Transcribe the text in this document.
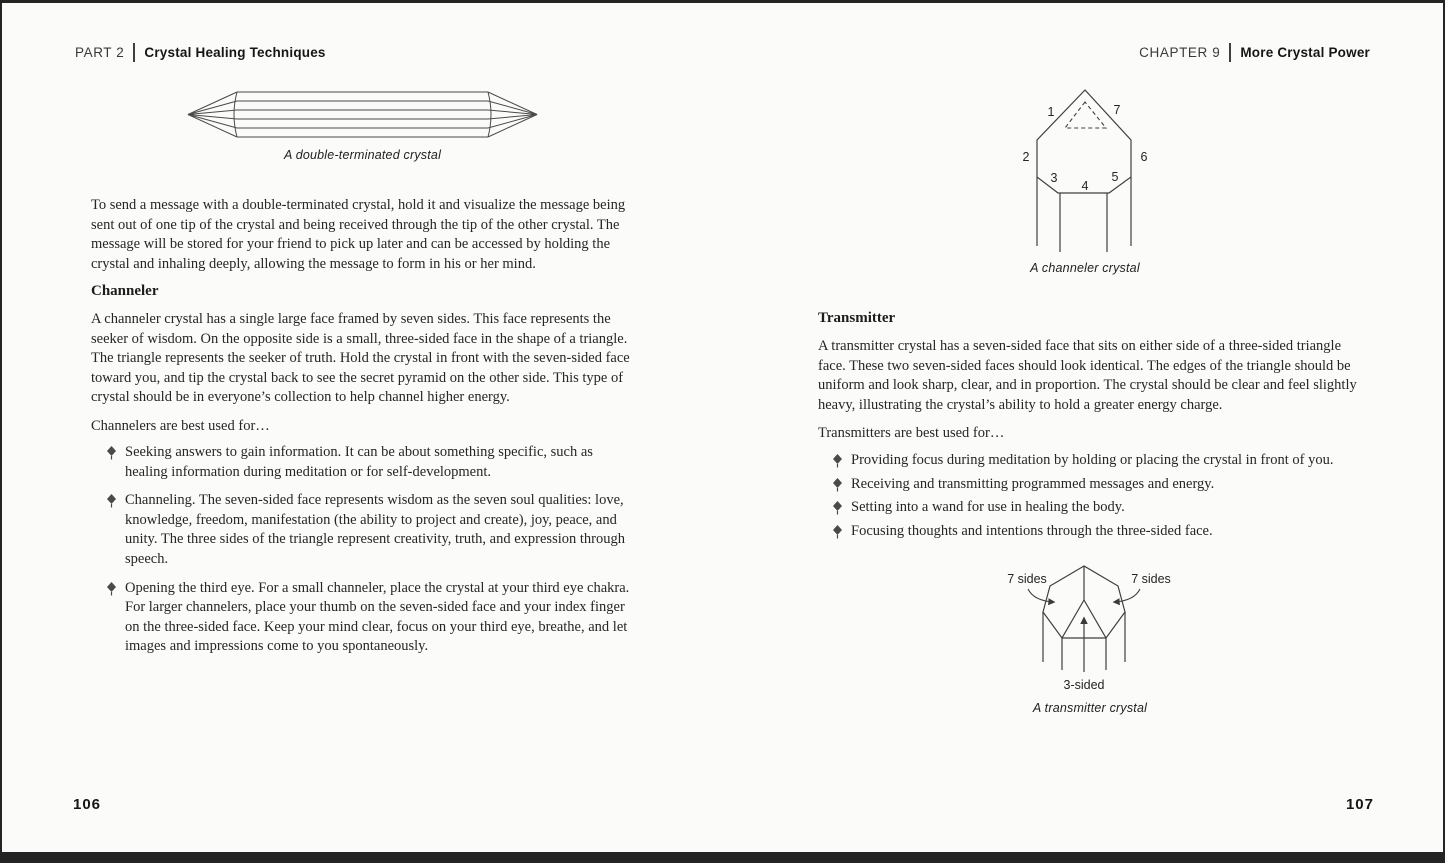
PART 2 Crystal Healing Techniques
A double-terminated crystal
To send a message with a double-terminated crystal, hold it and visualize the message being sent out of one tip of the crystal and being received through the tip of the other crystal. The message will be stored for your friend to pick up later and can be accessed by holding the crystal and inhaling deeply, allowing the message to form in his or her mind.
Channeler
A channeler crystal has a single large face framed by seven sides. This face represents the seeker of wisdom. On the opposite side is a small, three-sided face in the shape of a triangle. The triangle represents the seeker of truth. Hold the crystal in front with the seven-sided face toward you, and tip the crystal back to see the secret pyramid on the other side. This type of crystal should be in everyone’s collection to help channel higher energy.
Channelers are best used for…
Seeking answers to gain information. It can be about something specific, such as healing information during meditation or for self-development.
Channeling. The seven-sided face represents wisdom as the seven soul qualities: love, knowledge, freedom, manifestation (the ability to project and create), joy, peace, and unity. The three sides of the triangle represent creativity, truth, and expression through speech.
Opening the third eye. For a small channeler, place the crystal at your third eye chakra. For larger channelers, place your thumb on the seven-sided face and your index finger on the three-sided face. Keep your mind clear, focus on your third eye, breathe, and let images and impressions come to you spontaneously.
106
CHAPTER 9 More Crystal Power
1
2
3
4
5
6
7
A channeler crystal
Transmitter
A transmitter crystal has a seven-sided face that sits on either side of a three-sided triangle face. These two seven-sided faces should look identical. The edges of the triangle should be uniform and look sharp, clear, and in proportion. The crystal should be clear and feel slightly heavy, illustrating the crystal’s ability to hold a greater energy charge.
Transmitters are best used for…
Providing focus during meditation by holding or placing the crystal in front of you.
Receiving and transmitting programmed messages and energy.
Setting into a wand for use in healing the body.
Focusing thoughts and intentions through the three-sided face.
7 sides	7 sides
3-sided
A transmitter crystal
107
